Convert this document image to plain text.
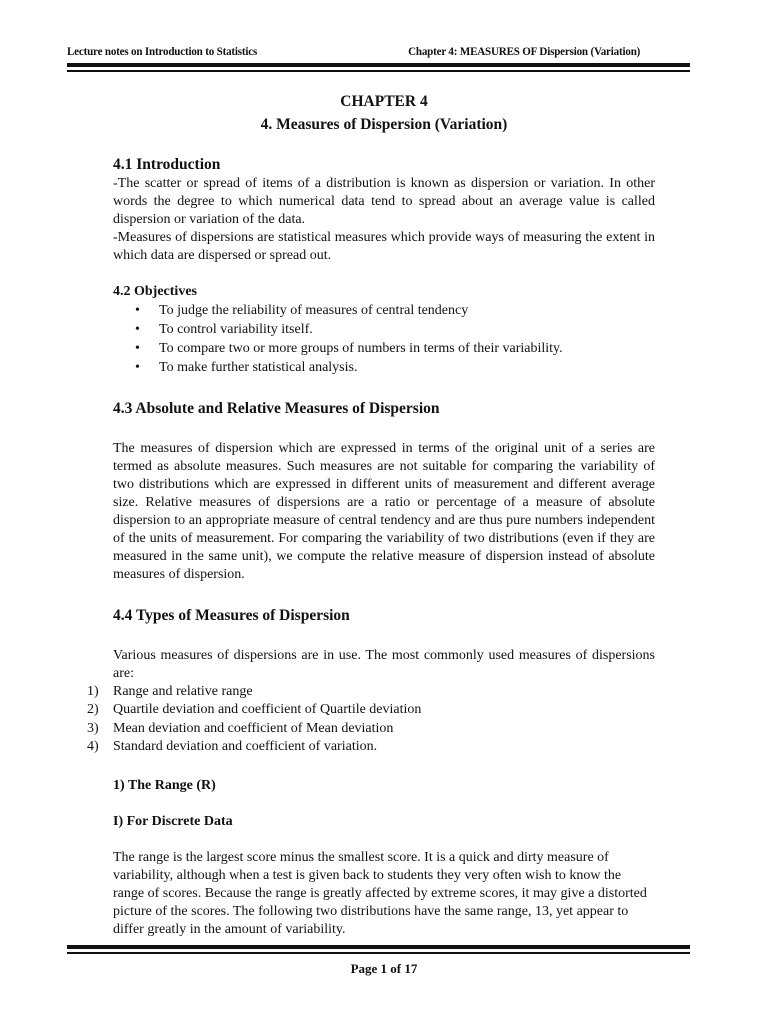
Lecture notes on Introduction to Statistics	Chapter 4: MEASURES OF Dispersion (Variation)

CHAPTER 4

4. Measures of Dispersion (Variation)

4.1 Introduction

-The scatter or spread of items of a distribution is known as dispersion or variation. In other words the degree to which numerical data tend to spread about an average value is called dispersion or variation of the data.

-Measures of dispersions are statistical measures which provide ways of measuring the extent in which data are dispersed or spread out.

4.2 Objectives
• To judge the reliability of measures of central tendency
• To control variability itself.
• To compare two or more groups of numbers in terms of their variability.
• To make further statistical analysis.
4.3 Absolute and Relative Measures of Dispersion

The measures of dispersion which are expressed in terms of the original unit of a series are termed as absolute measures. Such measures are not suitable for comparing the variability of two distributions which are expressed in different units of measurement and different average size. Relative measures of dispersions are a ratio or percentage of a measure of absolute dispersion to an appropriate measure of central tendency and are thus pure numbers independent of the units of measurement. For comparing the variability of two distributions (even if they are measured in the same unit), we compute the relative measure of dispersion instead of absolute measures of dispersion.

4.4 Types of Measures of Dispersion

Various measures of dispersions are in use. The most commonly used measures of dispersions are:

1) Range and relative range
2) Quartile deviation and coefficient of Quartile deviation
3) Mean deviation and coefficient of Mean deviation
4) Standard deviation and coefficient of variation.
1) The Range (R)
I) For Discrete Data

The range is the largest score minus the smallest score. It is a quick and dirty measure of variability, although when a test is given back to students they very often wish to know the range of scores. Because the range is greatly affected by extreme scores, it may give a distorted picture of the scores. The following two distributions have the same range, 13, yet appear to differ greatly in the amount of variability.

Page 1 of 17
